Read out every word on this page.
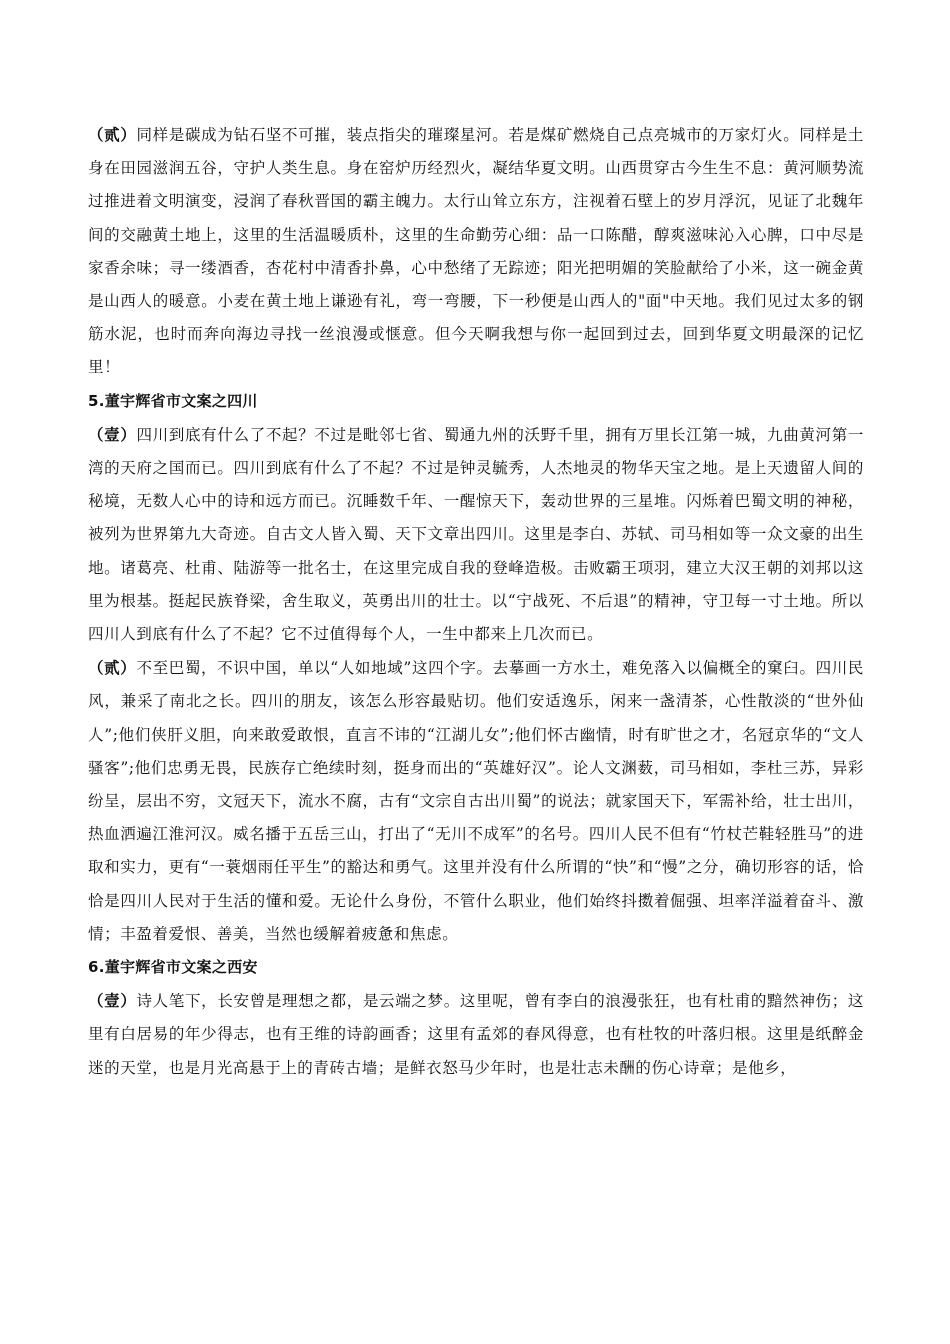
（贰）同样是碳成为钻石坚不可摧，装点指尖的璀璨星河。若是煤矿燃烧自己点亮城市的万家灯火。同样是土身在田园滋润五谷，守护人类生息。身在窑炉历经烈火，凝结华夏文明。山西贯穿古今生生不息：黄河顺势流过推进着文明演变，浸润了春秋晋国的霸主魄力。太行山耸立东方，注视着石壁上的岁月浮沉，见证了北魏年间的交融黄土地上，这里的生活温暖质朴，这里的生命勤劳心细：品一口陈醋，醇爽滋味沁入心脾，口中尽是家香余味；寻一缕酒香，杏花村中清香扑鼻，心中愁绪了无踪迹；阳光把明媚的笑脸献给了小米，这一碗金黄是山西人的暖意。小麦在黄土地上谦逊有礼，弯一弯腰，下一秒便是山西人的"面"中天地。我们见过太多的钢筋水泥，也时而奔向海边寻找一丝浪漫或惬意。但今天啊我想与你一起回到过去，回到华夏文明最深的记忆里！

5.董宇辉省市文案之四川

（壹）四川到底有什么了不起？不过是毗邻七省、蜀通九州的沃野千里，拥有万里长江第一城，九曲黄河第一湾的天府之国而已。四川到底有什么了不起？不过是钟灵毓秀，人杰地灵的物华天宝之地。是上天遗留人间的秘境，无数人心中的诗和远方而已。沉睡数千年、一醒惊天下，轰动世界的三星堆。闪烁着巴蜀文明的神秘，被列为世界第九大奇迹。自古文人皆入蜀、天下文章出四川。这里是李白、苏轼、司马相如等一众文豪的出生地。诸葛亮、杜甫、陆游等一批名士，在这里完成自我的登峰造极。击败霸王项羽，建立大汉王朝的刘邦以这里为根基。挺起民族脊梁，舍生取义，英勇出川的壮士。以“宁战死、不后退”的精神，守卫每一寸土地。所以四川人到底有什么了不起？它不过值得每个人，一生中都来上几次而已。

（贰）不至巴蜀，不识中国，单以“人如地域”这四个字。去摹画一方水土，难免落入以偏概全的窠臼。四川民风，兼采了南北之长。四川的朋友，该怎么形容最贴切。他们安适逸乐，闲来一盏清茶，心性散淡的“世外仙人”;他们侠肝义胆，向来敢爱敢恨，直言不讳的“江湖儿女”;他们怀古幽情，时有旷世之才，名冠京华的“文人骚客”;他们忠勇无畏，民族存亡绝续时刻，挺身而出的“英雄好汉”。论人文渊薮，司马相如，李杜三苏，异彩纷呈，层出不穷，文冠天下，流水不腐，古有“文宗自古出川蜀”的说法；就家国天下，军需补给，壮士出川，热血洒遍江淮河汉。威名播于五岳三山，打出了“无川不成军”的名号。四川人民不但有“竹杖芒鞋轻胜马”的进取和实力，更有“一蓑烟雨任平生”的豁达和勇气。这里并没有什么所谓的“快”和“慢”之分，确切形容的话，恰恰是四川人民对于生活的懂和爱。无论什么身份，不管什么职业，他们始终抖擞着倔强、坦率洋溢着奋斗、激情；丰盈着爱恨、善美，当然也缓解着疲惫和焦虑。

6.董宇辉省市文案之西安

（壹）诗人笔下，长安曾是理想之都，是云端之梦。这里呢，曾有李白的浪漫张狂，也有杜甫的黯然神伤；这里有白居易的年少得志，也有王维的诗韵画香；这里有孟郊的春风得意，也有杜牧的叶落归根。这里是纸醉金迷的天堂，也是月光高悬于上的青砖古墙；是鲜衣怒马少年时，也是壮志未酬的伤心诗章；是他乡，
